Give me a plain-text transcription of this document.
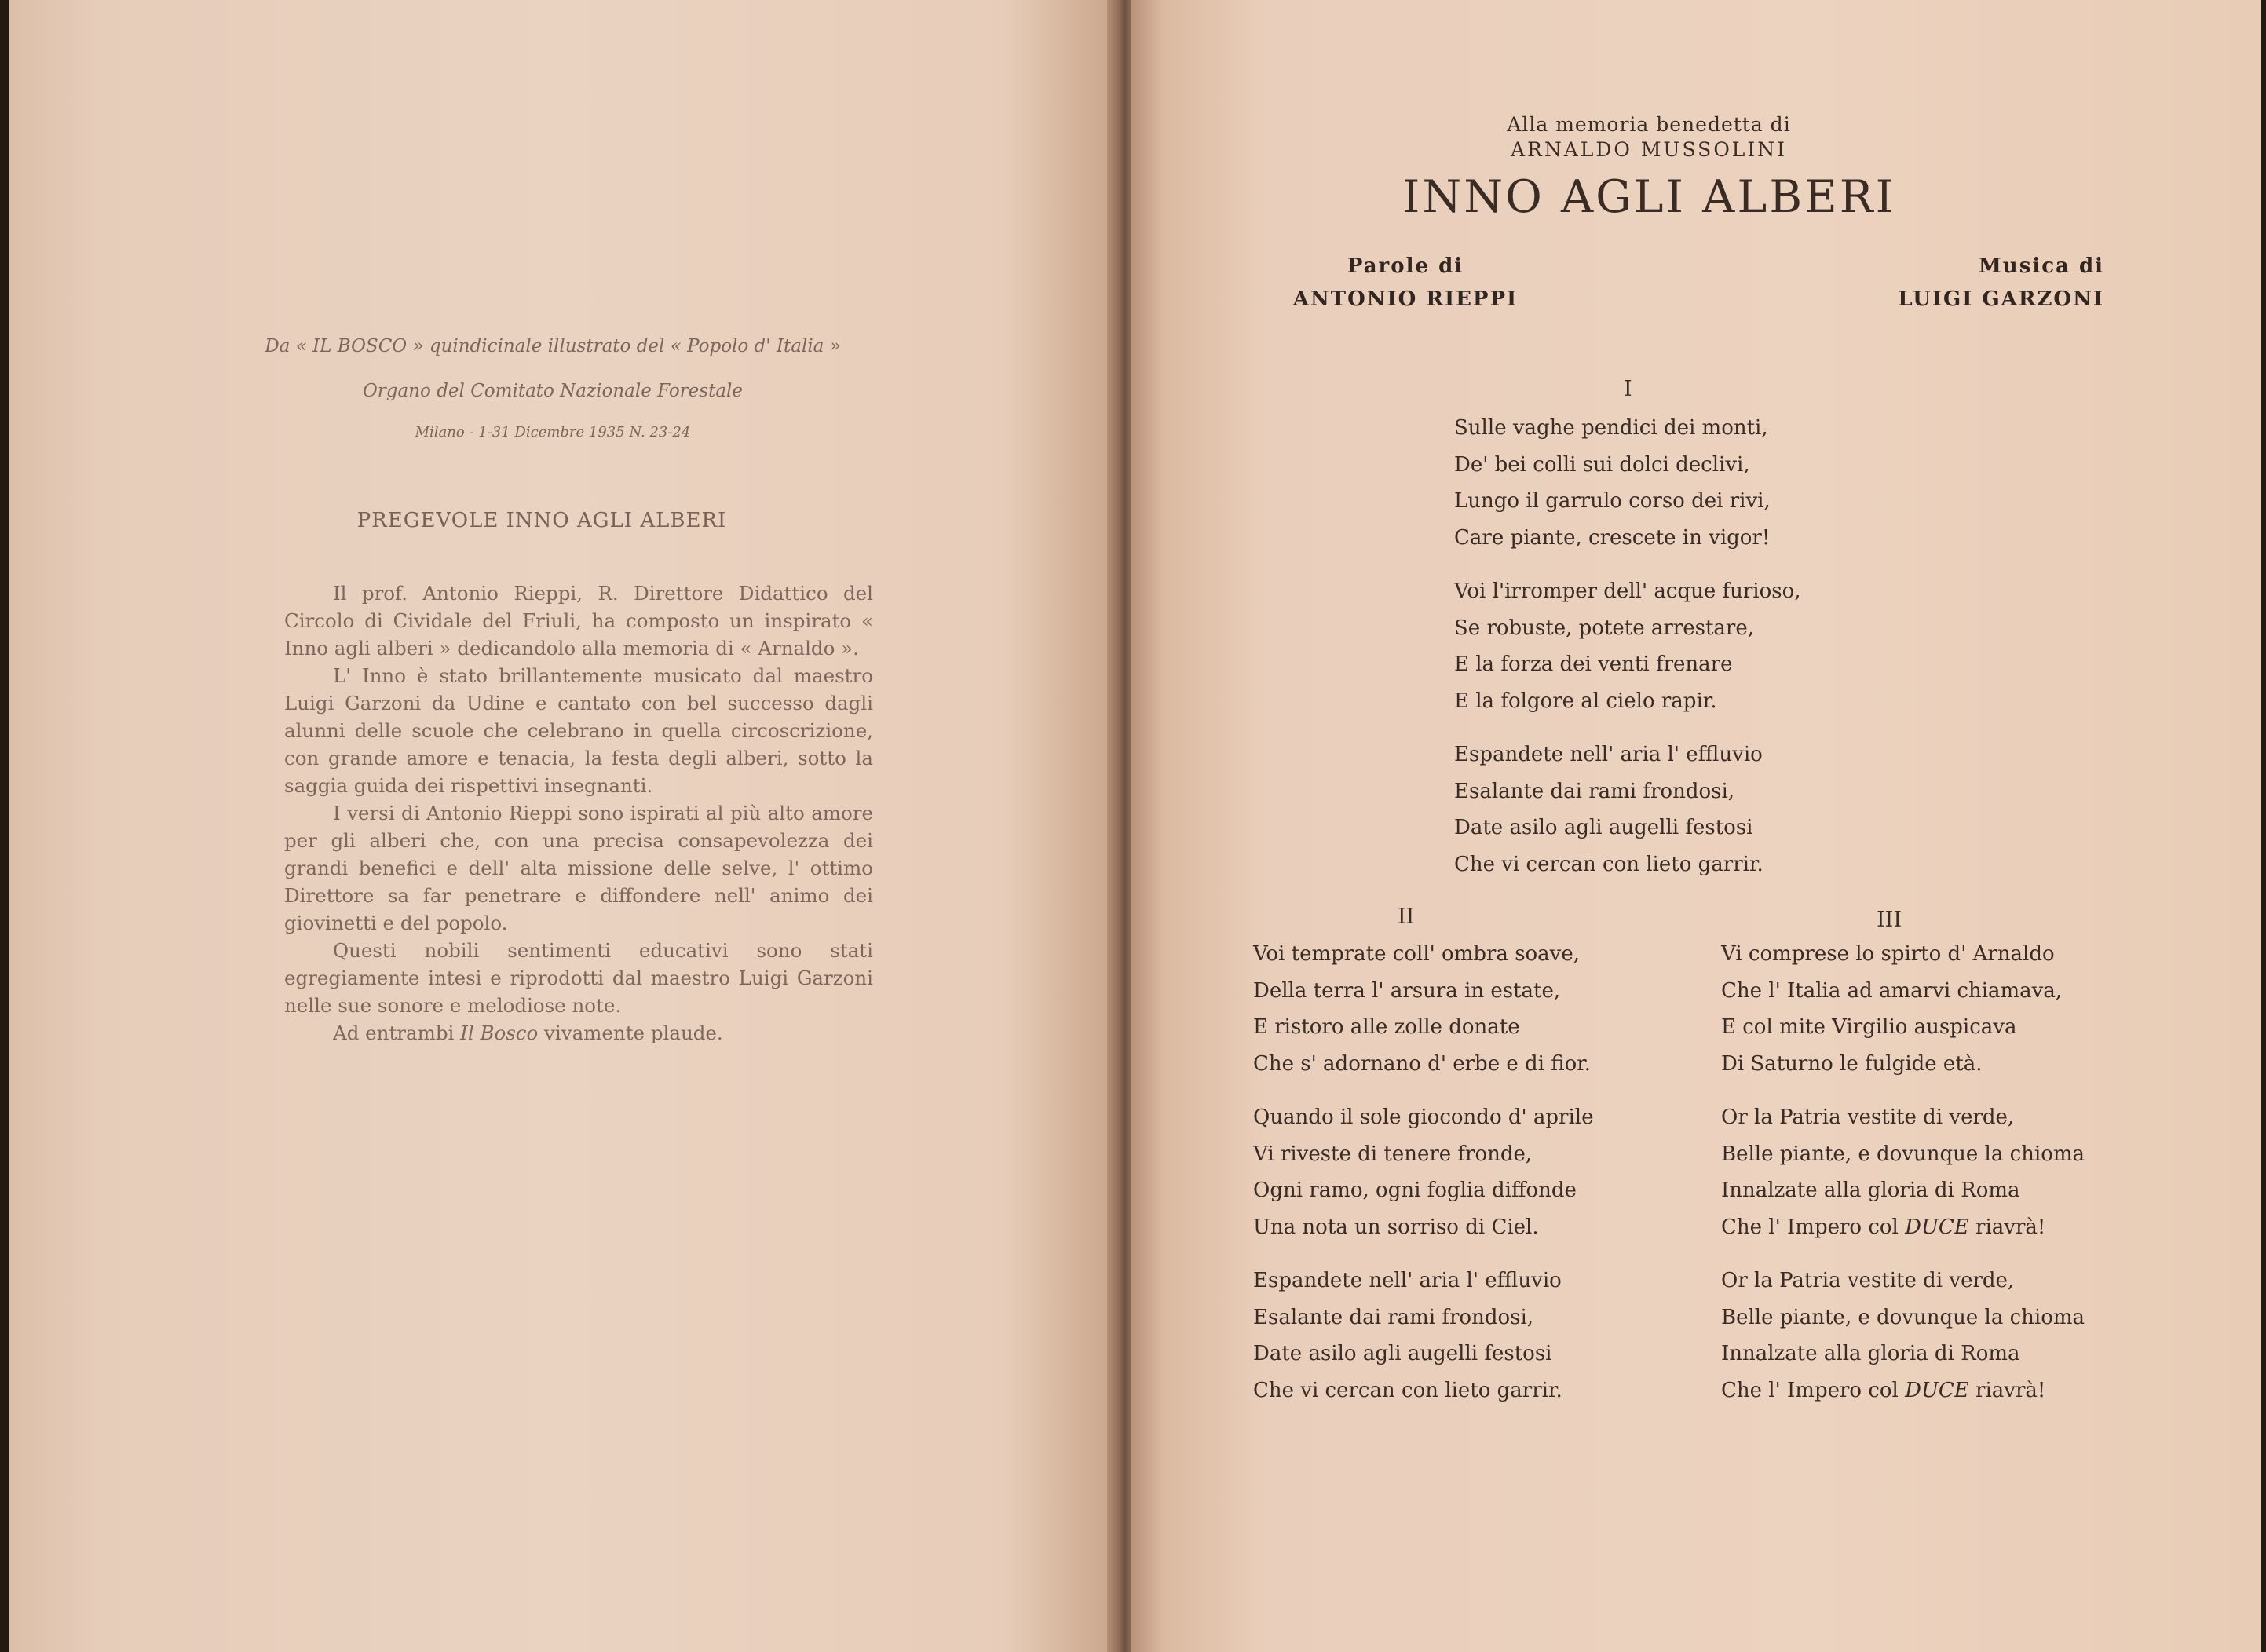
Da « IL BOSCO » quindicinale illustrato del « Popolo d' Italia »
Organo del Comitato Nazionale Forestale
Milano - 1-31 Dicembre 1935 N. 23-24
PREGEVOLE INNO AGLI ALBERI

Il prof. Antonio Rieppi, R. Direttore Didattico del Circolo di Cividale del Friuli, ha composto un inspirato « Inno agli alberi » dedicandolo alla memoria di « Arnaldo ».

L' Inno è stato brillantemente musicato dal maestro Luigi Garzoni da Udine e cantato con bel successo dagli alunni delle scuole che celebrano in quella circoscrizione, con grande amore e tenacia, la festa degli alberi, sotto la saggia guida dei rispettivi insegnanti.

I versi di Antonio Rieppi sono ispirati al più alto amore per gli alberi che, con una precisa consapevolezza dei grandi benefici e dell' alta missione delle selve, l' ottimo Direttore sa far penetrare e diffondere nell' animo dei giovinetti e del popolo.

Questi nobili sentimenti educativi sono stati egregiamente intesi e riprodotti dal maestro Luigi Garzoni nelle sue sonore e melodiose note.

Ad entrambi Il Bosco vivamente plaude.

Alla memoria benedetta di
ARNALDO MUSSOLINI
INNO AGLI ALBERI
Parole di
ANTONIO RIEPPI
Musica di
LUIGI GARZONI
I

Sulle vaghe pendici dei monti,

De' bei colli sui dolci declivi,

Lungo il garrulo corso dei rivi,

Care piante, crescete in vigor!

Voi l'irromper dell' acque furioso,

Se robuste, potete arrestare,

E la forza dei venti frenare

E la folgore al cielo rapir.

Espandete nell' aria l' effluvio

Esalante dai rami frondosi,

Date asilo agli augelli festosi

Che vi cercan con lieto garrir.

II

Voi temprate coll' ombra soave,

Della terra l' arsura in estate,

E ristoro alle zolle donate

Che s' adornano d' erbe e di fior.

Quando il sole giocondo d' aprile

Vi riveste di tenere fronde,

Ogni ramo, ogni foglia diffonde

Una nota un sorriso di Ciel.

Espandete nell' aria l' effluvio

Esalante dai rami frondosi,

Date asilo agli augelli festosi

Che vi cercan con lieto garrir.

III

Vi comprese lo spirto d' Arnaldo

Che l' Italia ad amarvi chiamava,

E col mite Virgilio auspicava

Di Saturno le fulgide età.

Or la Patria vestite di verde,

Belle piante, e dovunque la chioma

Innalzate alla gloria di Roma

Che l' Impero col DUCE riavrà!

Or la Patria vestite di verde,

Belle piante, e dovunque la chioma

Innalzate alla gloria di Roma

Che l' Impero col DUCE riavrà!
